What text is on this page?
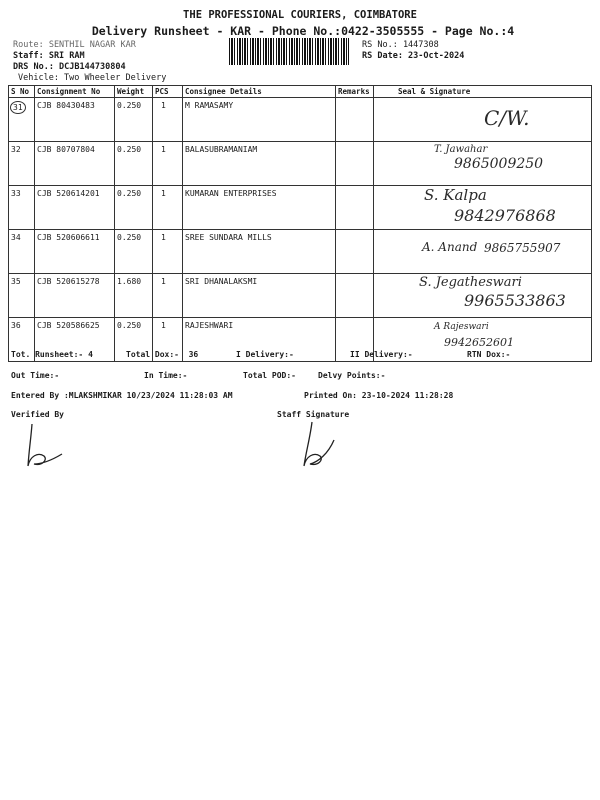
THE PROFESSIONAL COURIERS, COIMBATORE
Delivery Runsheet - KAR - Phone No.:0422-3505555 - Page No.:4
Route: SENTHIL NAGAR KAR
Staff: SRI RAM
DRS No.: DCJB144730804
Vehicle: Two Wheeler Delivery
RS No.: 1447308
RS Date: 23-Oct-2024
S No	Consignment No	Weight	PCS	Consignee Details	Remarks	Seal & Signature
31	CJB 80430483	0.250	1	M RAMASAMY		C/W.

32	CJB 80707804	0.250	1	BALASUBRAMANIAM		T. Jawahar
9865009250

33	CJB 520614201	0.250	1	KUMARAN ENTERPRISES		S. Kalpa
9842976868

34	CJB 520606611	0.250	1	SREE SUNDARA MILLS		A. Anand 9865755907

35	CJB 520615278	1.680	1	SRI DHANALAKSMI		S. Jegatheswari
9965533863

36	CJB 520586625	0.250	1	RAJESHWARI		A Rajeswari
9942652601
Tot. Runsheet:- 4	Total Dox:-  36	I Delivery:-	II Delivery:-	RTN Dox:-
Out Time:-	In Time:-	Total POD:-	Delvy Points:-
Entered By :MLAKSHMIKAR 10/23/2024 11:28:03 AM	Printed On: 23-10-2024 11:28:28
Verified By	Staff Signature
